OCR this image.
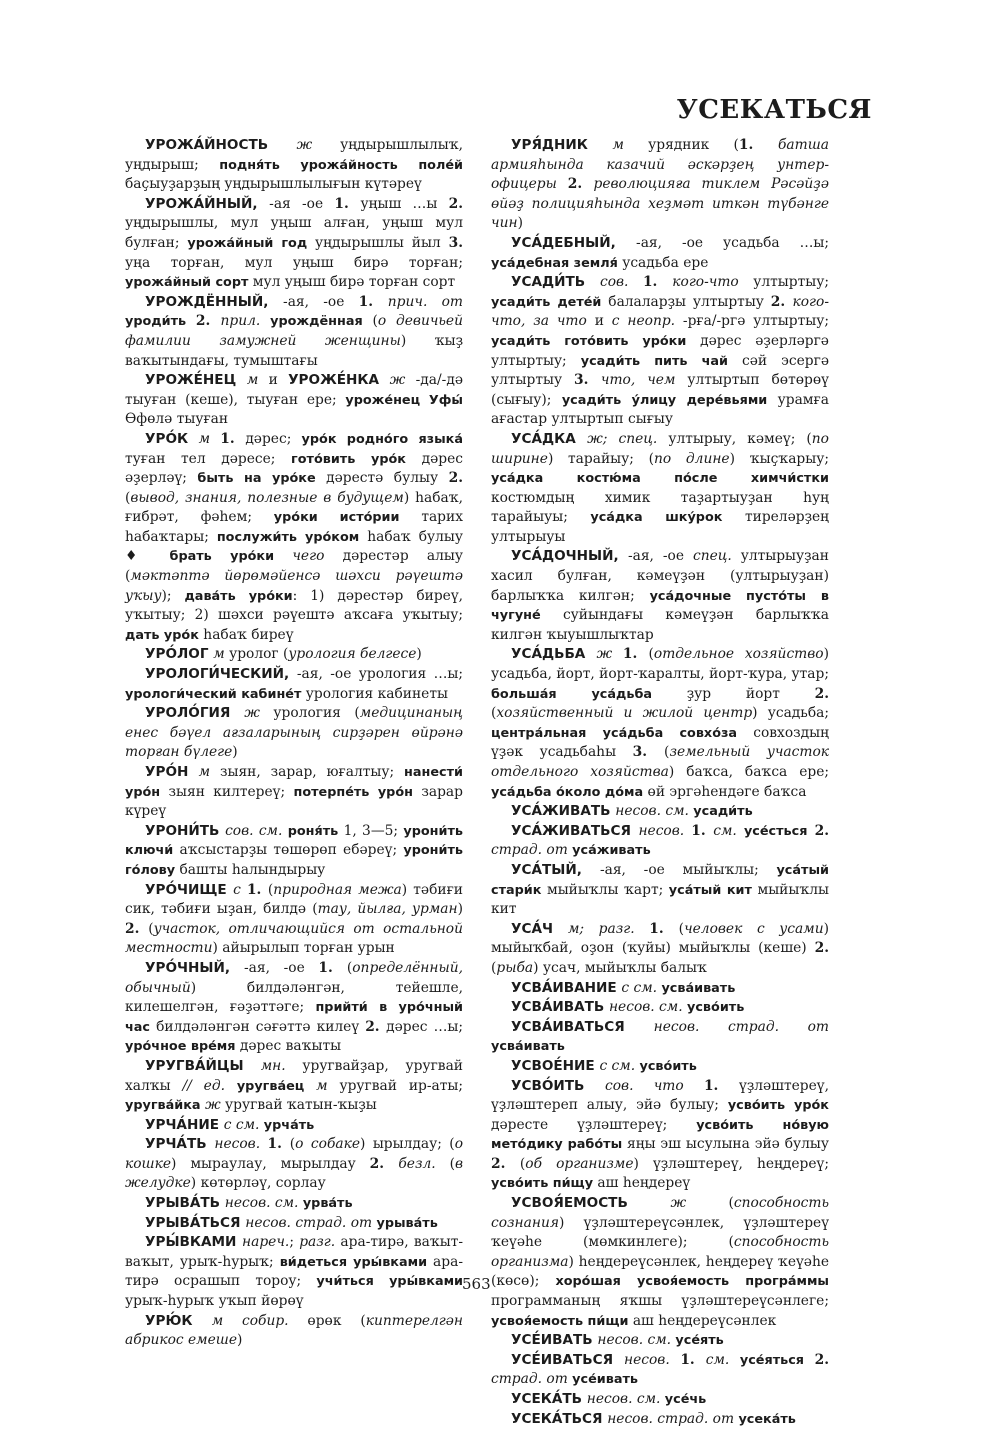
УСЕКАТЬСЯ

УРОЖА́ЙНОСТЬ ж уңдырышлылыҡ, уңдырыш; подня́ть урожа́йность поле́й баҫыуҙарҙың уңдырышлылығын күтәреү

УРОЖА́ЙНЫЙ, -ая -ое 1. уңыш …ы 2. уңдырышлы, мул уңыш алған, уңыш мул булған; урожа́йный год уңдырышлы йыл 3. уңа торған, мул уңыш бирә торған; урожа́йный сорт мул уңыш бирә торған сорт

УРОЖДЁННЫЙ, -ая, -ое 1. прич. от уроди́ть 2. прил. урождённая (о девичьей фамилии замужней женщины) ҡыҙ ваҡытындағы, тумыштағы

УРОЖЕ́НЕЦ м и УРОЖЕ́НКА ж -да/-дә тыуған (кеше), тыуған ере; уроже́нец Уфы́ Өфөлә тыуған

УРО́К м 1. дәрес; уро́к родно́го языка́ туған тел дәресе; гото́вить уро́к дәрес әҙерләү; быть на уро́ке дәрестә булыу 2. (вывод, знания, полезные в будущем) һабаҡ, ғибрәт, фәһем; уро́ки исто́рии тарих һабаҡтары; послужи́ть уро́ком һабаҡ булыу ♦ брать уро́ки чего дәрестәр алыу (мәктәптә йөрөмәйенсә шәхси рәүештә уҡыу); дава́ть уро́ки: 1) дәрестәр биреү, уҡытыу; 2) шәхси рәүештә аҡсаға уҡытыу; дать уро́к һабаҡ биреү

УРО́ЛОГ м уролог (урология белгесе)

УРОЛОГИ́ЧЕСКИЙ, -ая, -ое урология …ы; урологи́ческий кабине́т урология кабинеты

УРОЛО́ГИЯ ж урология (медицинаның енес бәүел ағзаларының сирҙәрен өйрәнә торған бүлеге)

УРО́Н м зыян, зарар, юғалтыу; нанести́ уро́н зыян килтереү; потерпе́ть уро́н зарар күреү

УРОНИ́ТЬ сов. см. роня́ть 1, 3—5; урони́ть ключи́ аҡсыстарҙы төшөрөп ебәреү; урони́ть го́лову башты һалындырыу

УРО́ЧИЩЕ с 1. (природная межа) тәбиғи сик, тәбиғи ыҙан, билдә (тау, йылға, урман) 2. (участок, отличающийся от остальной местности) айырылып торған урын

УРО́ЧНЫЙ, -ая, -ое 1. (определённый, обычный) билдәләнгән, тейешле, килешелгән, ғәҙәттәге; прийти́ в уро́чный час билдәләнгән сәғәттә килеү 2. дәрес …ы; уро́чное вре́мя дәрес ваҡыты

УРУГВА́ЙЦЫ мн. уругвайҙар, уругвай халҡы // ед. уругва́ец м уругвай ир-аты; уругва́йка ж уругвай ҡатын-ҡыҙы

УРЧА́НИЕ с см. урча́ть

УРЧА́ТЬ несов. 1. (о собаке) ырылдау; (о кошке) мыраулау, мырылдау 2. безл. (в желудке) көтөрләү, сорлау

УРЫВА́ТЬ несов. см. урва́ть

УРЫВА́ТЬСЯ несов. страд. от урыва́ть

УРЫ́ВКАМИ нареч.; разг. ара-тирә, ваҡыт-ваҡыт, урыҡ-һурыҡ; ви́деться уры́вками ара-тирә осрашып тороу; учи́ться уры́вками урыҡ-һурыҡ уҡып йөрөү

УРЮ́К м собир. өрөк (киптерелгән абрикос емеше)

УРЯ́ДНИК м урядник (1. батша армияһында казачий әскәрҙең унтер-офицеры 2. революцияға тиклем Рәсәйҙә өйәҙ полицияһында хеҙмәт иткән түбәнге чин)

УСА́ДЕБНЫЙ, -ая, -ое усадьба …ы; уса́дебная земля́ усадьба ере

УСАДИ́ТЬ сов. 1. кого-что ултыртыу; усади́ть дете́й балаларҙы ултыртыу 2. кого-что, за что и с неопр. -рға/-ргә ултыртыу; усади́ть гото́вить уро́ки дәрес әҙерләргә ултыртыу; усади́ть пить чай сәй эсергә ултыртыу 3. что, чем ултыртып бөтөрөү (сығыу); усади́ть у́лицу дере́вьями урамға ағастар ултыртып сығыу

УСА́ДКА ж; спец. ултырыу, кәмеү; (по ширине) тарайыу; (по длине) ҡыҫҡарыу; уса́дка костю́ма по́сле химчи́стки костюмдың химик таҙартыуҙан һуң тарайыуы; уса́дка шку́рок тиреләрҙең ултырыуы

УСА́ДОЧНЫЙ, -ая, -ое спец. ултырыуҙан хасил булған, кәмеүҙән (ултырыуҙан) барлыҡҡа килгән; уса́дочные пусто́ты в чугуне́ суйындағы кәмеүҙән барлыҡҡа килгән ҡыуышлыҡтар

УСА́ДЬБА ж 1. (отдельное хозяйство) усадьба, йорт, йорт-ҡаралты, йорт-ҡура, утар; больша́я уса́дьба ҙур йорт 2. (хозяйственный и жилой центр) усадьба; центра́льная уса́дьба совхо́за совхоздың үҙәк усадьбаһы 3. (земельный участок отдельного хозяйства) баҡса, баҡса ере; уса́дьба о́коло до́ма өй эргәһендәге баҡса

УСА́ЖИВАТЬ несов. см. усади́ть

УСА́ЖИВАТЬСЯ несов. 1. см. усе́сться 2. страд. от уса́живать

УСА́ТЫЙ, -ая, -ое мыйыҡлы; уса́тый стари́к мыйыҡлы ҡарт; уса́тый кит мыйыҡлы кит

УСА́Ч м; разг. 1. (человек с усами) мыйыҡбай, оҙон (ҡуйы) мыйыҡлы (кеше) 2. (рыба) усач, мыйыҡлы балыҡ

УСВА́ИВАНИЕ с см. усва́ивать

УСВА́ИВАТЬ несов. см. усво́ить

УСВА́ИВАТЬСЯ несов. страд. от усва́ивать

УСВОЕ́НИЕ с см. усво́ить

УСВО́ИТЬ сов. что 1. үҙләштереү, үҙләштереп алыу, эйә булыу; усво́ить уро́к дәресте үҙләштереү; усво́ить но́вую мето́дику рабо́ты яңы эш ысулына эйә булыу 2. (об организме) үҙләштереү, һеңдереү; усво́ить пи́щу аш һеңдереү

УСВОЯ́ЕМОСТЬ ж (способность сознания) үҙләштереүсәнлек, үҙләштереү ҡеүәһе (мөмкинлеге); (способность организма) һеңдереүсәнлек, һеңдереү ҡеүәһе (көсө); хоро́шая усвоя́емость програ́ммы программаның яҡшы үҙләштереүсәнлеге; усвоя́емость пи́щи аш һеңдереүсәнлек

УСЕ́ИВАТЬ несов. см. усе́ять

УСЕ́ИВАТЬСЯ несов. 1. см. усе́яться 2. страд. от усе́ивать

УСЕКА́ТЬ несов. см. усе́чь

УСЕКА́ТЬСЯ несов. страд. от усека́ть

563
